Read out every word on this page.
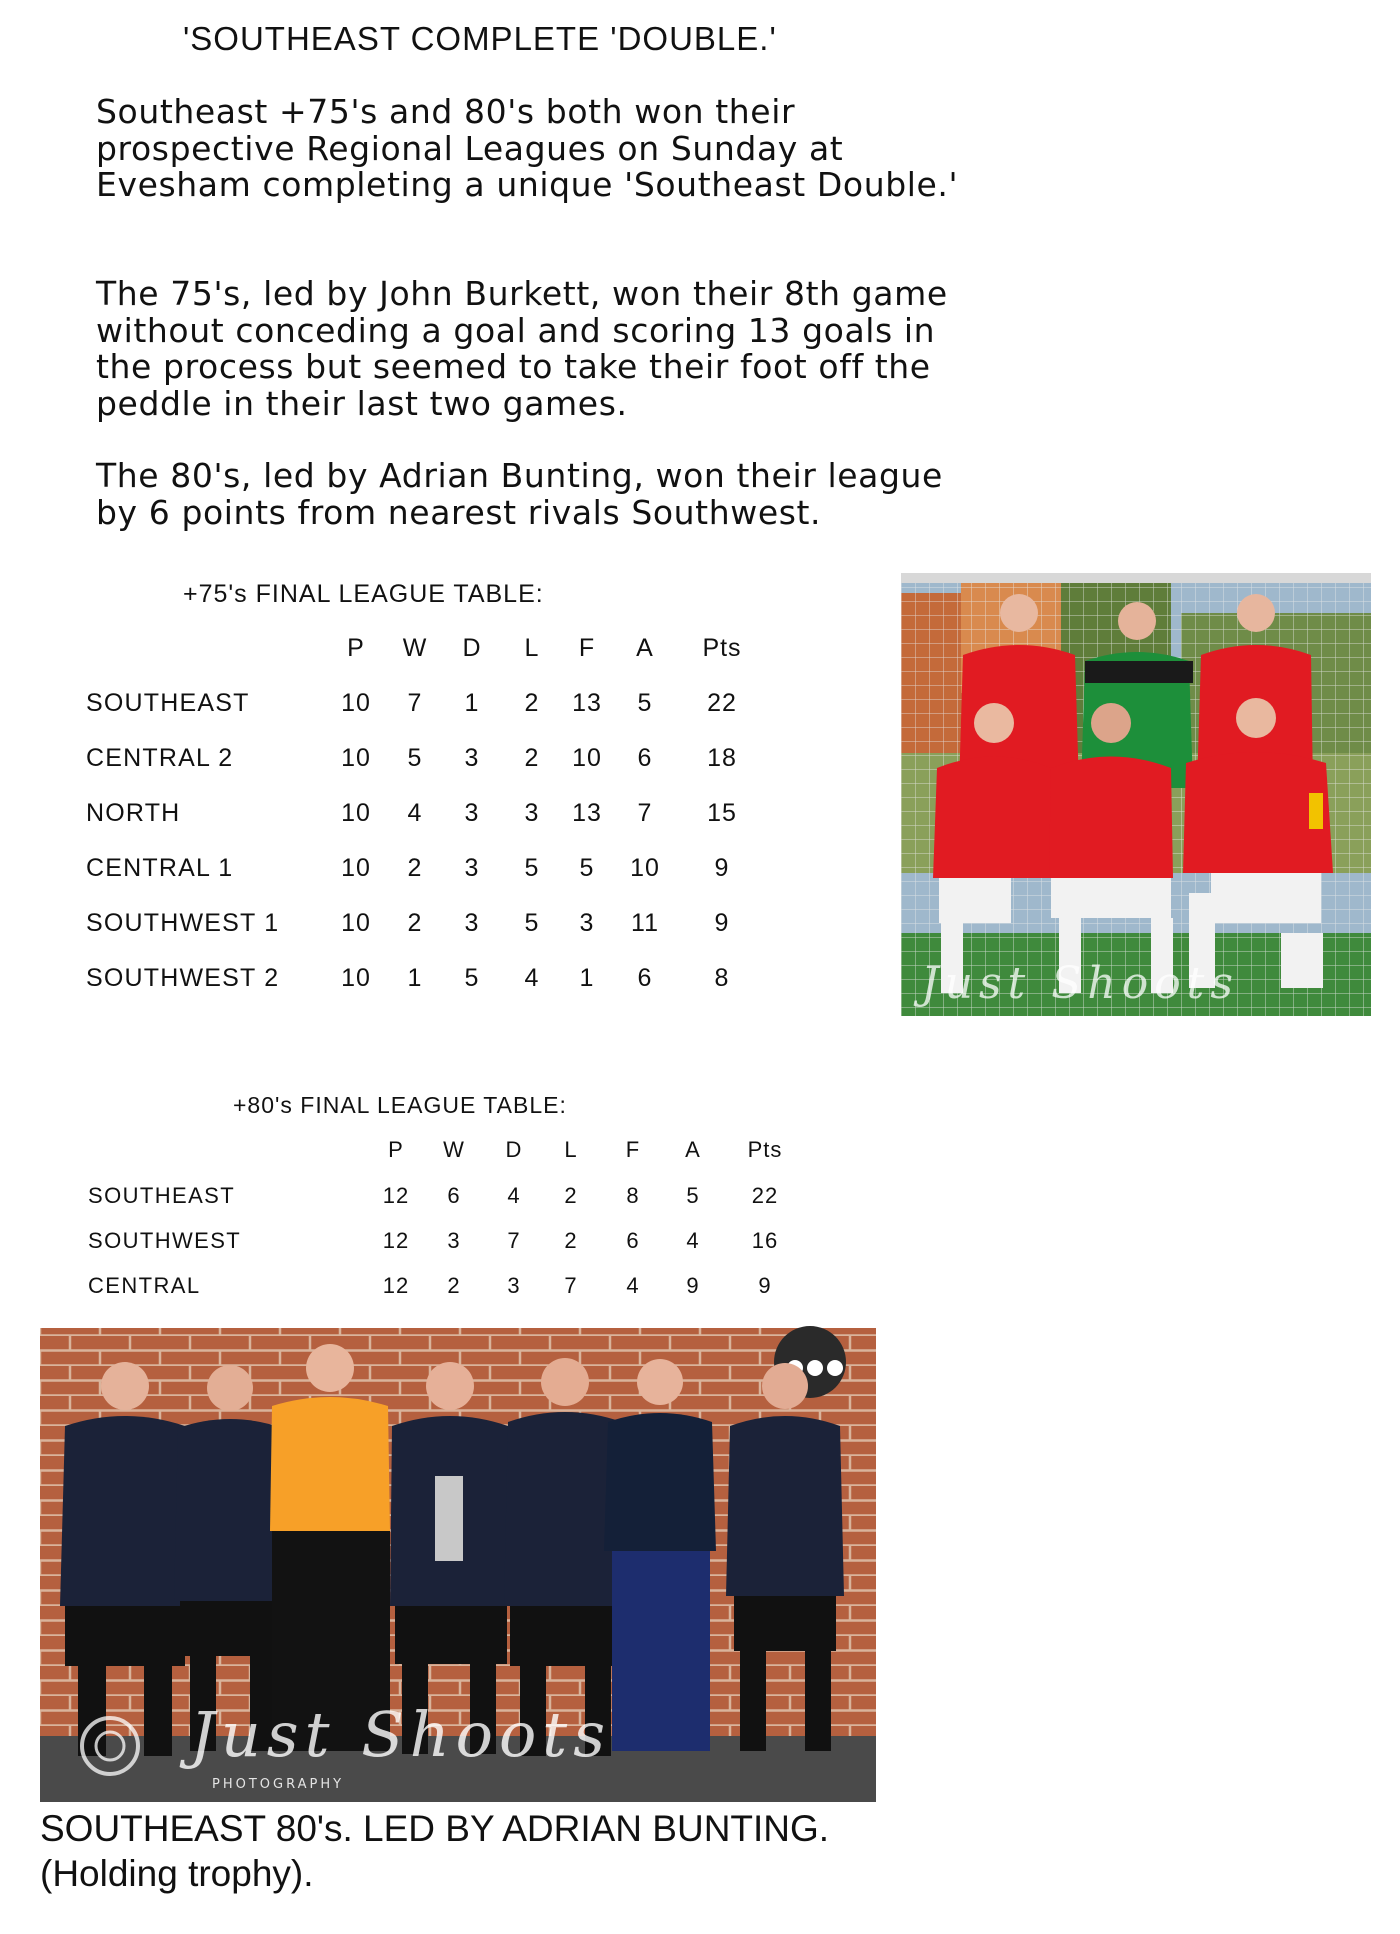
'SOUTHEAST COMPLETE 'DOUBLE.'

Southeast +75's and 80's both won their prospective Regional Leagues on Sunday at Evesham completing a unique 'Southeast Double.'

The 75's, led by John Burkett, won their 8th game without conceding a goal and scoring 13 goals in the process but seemed to take their foot off the peddle in their last two games.

The 80's, led by Adrian Bunting, won their league by 6 points from nearest rivals Southwest.

+75's FINAL LEAGUE TABLE:
P W D L F A Pts
SOUTHEAST	10 7 1 2 13 5 22
CENTRAL 2	10 5 3 2 10 6 18
NORTH	10 4 3 3 13 7 15
CENTRAL 1	10 2 3 5 5 10 9
SOUTHWEST 1 10 2 3 5 3 11 9
SOUTHWEST 2 10 1 5 4 1 6 8	Just Shoots
+80's FINAL LEAGUE TABLE:
P W D L F A Pts
SOUTHEAST	12 6 4 2 8 5 22
SOUTHWEST	12 3 7 2 6 4 16
CENTRAL	12 2 3 7 4 9	9
Just Shoots
PHOTOGRAPHY
SOUTHEAST 80's. LED BY ADRIAN BUNTING.
(Holding trophy).
